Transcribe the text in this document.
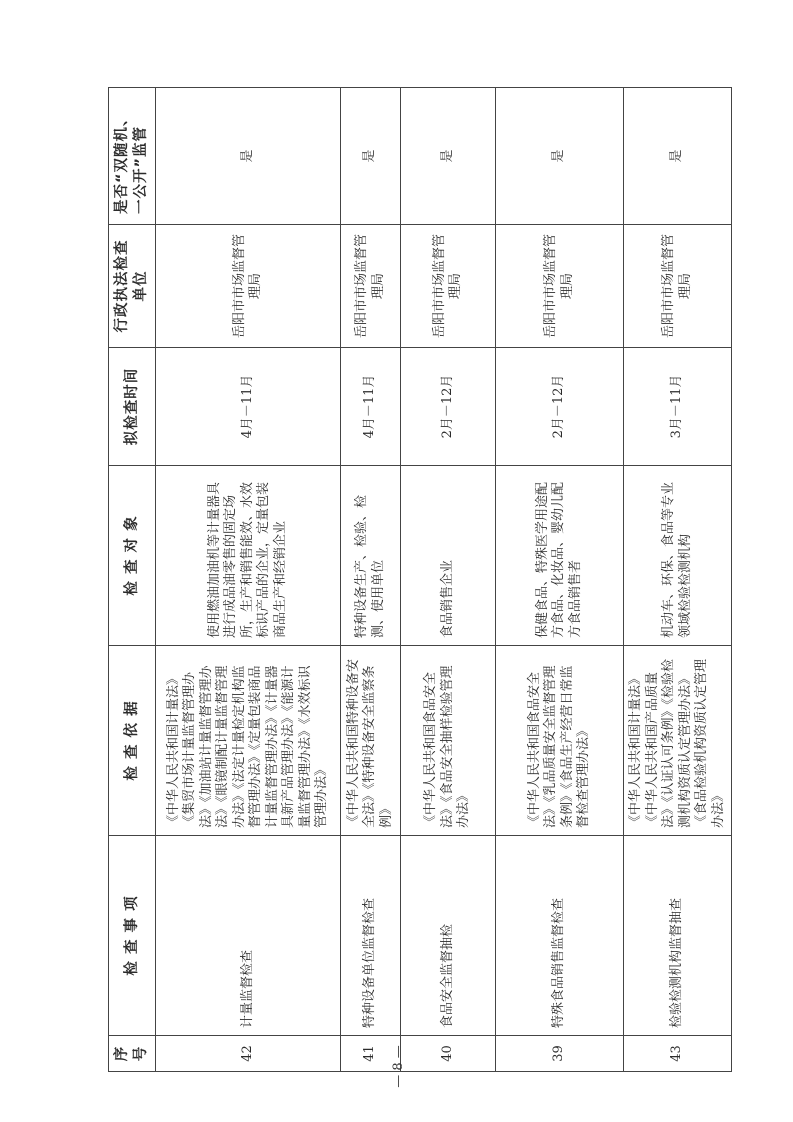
序号	检 查 事 项	检 查 依 据	检 查 对 象	拟检查时间	行政执法检查单位	是否“双随机、一公开”监管
42	计量监督检查	《中华人民共和国计量法》《集贸市场计量监督管理办法》《加油站计量监督管理办法》《眼镜制配计量监督管理办法》《法定计量检定机构监督管理办法》《定量包装商品计量监督管理办法》《计量器具新产品管理办法》《能源计量监督管理办法》《水效标识管理办法》	使用燃油加油机等计量器具进行成品油零售的固定场所，生产和销售能效、水效标识产品的企业，定量包装商品生产和经销企业	4月－11月	岳阳市市场监督管理局	是
41	特种设备单位监督检查	《中华人民共和国特种设备安全法》《特种设备安全监察条例》	特种设备生产、检验、检测、使用单位	4月－11月	岳阳市市场监督管理局	是
40	食品安全监督抽检	《中华人民共和国食品安全法》《食品安全抽样检验管理办法》	食品销售企业	2月－12月	岳阳市市场监督管理局	是
39	特殊食品销售监督检查	《中华人民共和国食品安全法》《乳品质量安全监督管理条例》《食品生产经营日常监督检查管理办法》	保健食品、特殊医学用途配方食品、化妆品、婴幼儿配方食品销售者	2月－12月	岳阳市市场监督管理局	是
43	检验检测机构监督抽查	《中华人民共和国计量法》《中华人民共和国产品质量法》《认证认可条例》《检验检测机构资质认定管理办法》《食品检验机构资质认定管理办法》	机动车、环保、食品等专业领域检验检测机构	3月－11月	岳阳市市场监督管理局	是
— 8 —
